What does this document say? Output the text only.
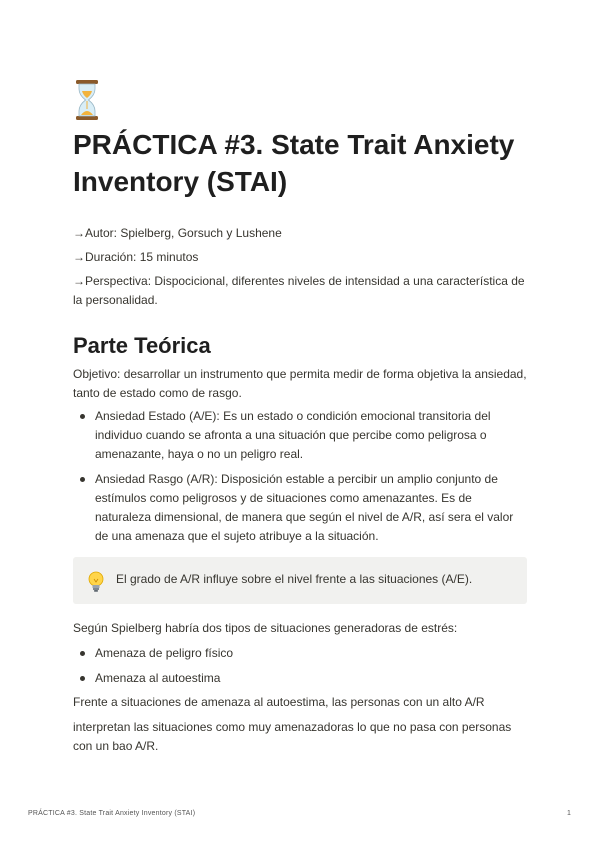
PRÁCTICA #3. State Trait Anxiety Inventory (STAI)

→Autor: Spielberg, Gorsuch y Lushene

→Duración: 15 minutos

→Perspectiva: Dispocicional, diferentes niveles de intensidad a una característica de la personalidad.

Parte Teórica

Objetivo: desarrollar un instrumento que permita medir de forma objetiva la ansiedad, tanto de estado como de rasgo.

Ansiedad Estado (A/E): Es un estado o condición emocional transitoria del individuo cuando se afronta a una situación que percibe como peligrosa o amenazante, haya o no un peligro real.
Ansiedad Rasgo (A/R): Disposición estable a percibir un amplio conjunto de estímulos como peligrosos y de situaciones como amenazantes. Es de naturaleza dimensional, de manera que según el nivel de A/R, así sera el valor de una amenaza que el sujeto atribuye a la situación.
El grado de A/R influye sobre el nivel frente a las situaciones (A/E).

Según Spielberg habría dos tipos de situaciones generadoras de estrés:

Amenaza de peligro físico
Amenaza al autoestima

Frente a situaciones de amenaza al autoestima, las personas con un alto A/R

interpretan las situaciones como muy amenazadoras lo que no pasa con personas con un bao A/R.

PRÁCTICA #3. State Trait Anxiety Inventory (STAI)	1
